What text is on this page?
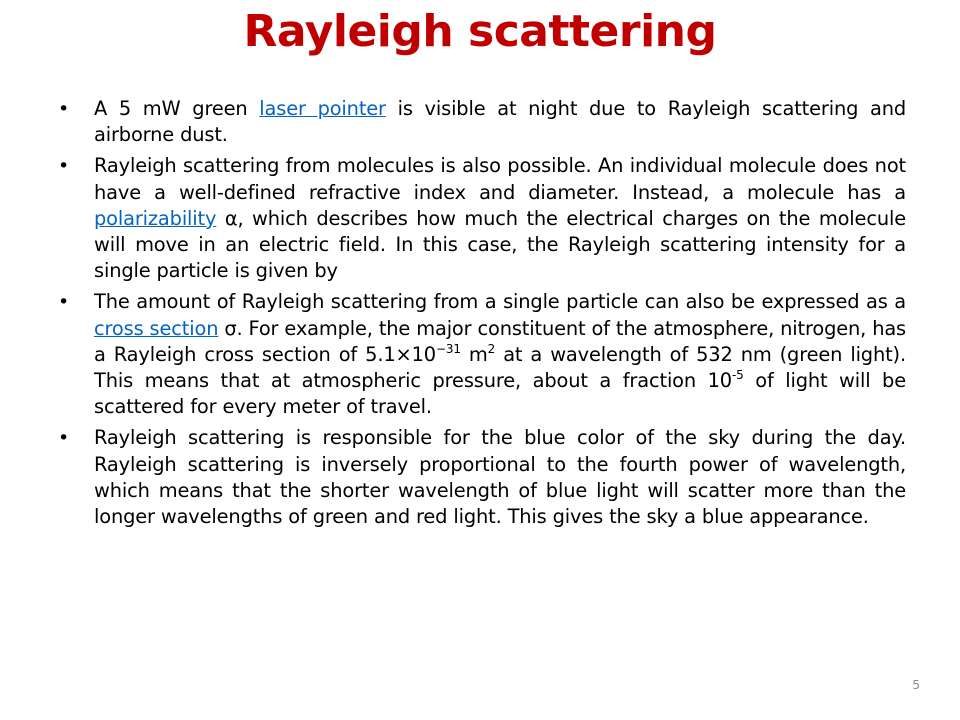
Rayleigh scattering
• A 5 mW green laser pointer is visible at night due to Rayleigh scattering and airborne dust.
• Rayleigh scattering from molecules is also possible. An individual molecule does not have a well-defined refractive index and diameter. Instead, a molecule has a polarizability α, which describes how much the electrical charges on the molecule will move in an electric field. In this case, the Rayleigh scattering intensity for a single particle is given by
• The amount of Rayleigh scattering from a single particle can also be expressed as a cross section σ. For example, the major constituent of the atmosphere, nitrogen, has a Rayleigh cross section of $5.1\times 10^{-31}$ $m^2$ at a wavelength of 532 nm (green light). This means that at atmospheric pressure, about a fraction $10^{-5}$ of light will be scattered for every meter of travel.
• Rayleigh scattering is responsible for the blue color of the sky during the day. Rayleigh scattering is inversely proportional to the fourth power of wavelength, which means that the shorter wavelength of blue light will scatter more than the longer wavelengths of green and red light. This gives the sky a blue appearance.
5
